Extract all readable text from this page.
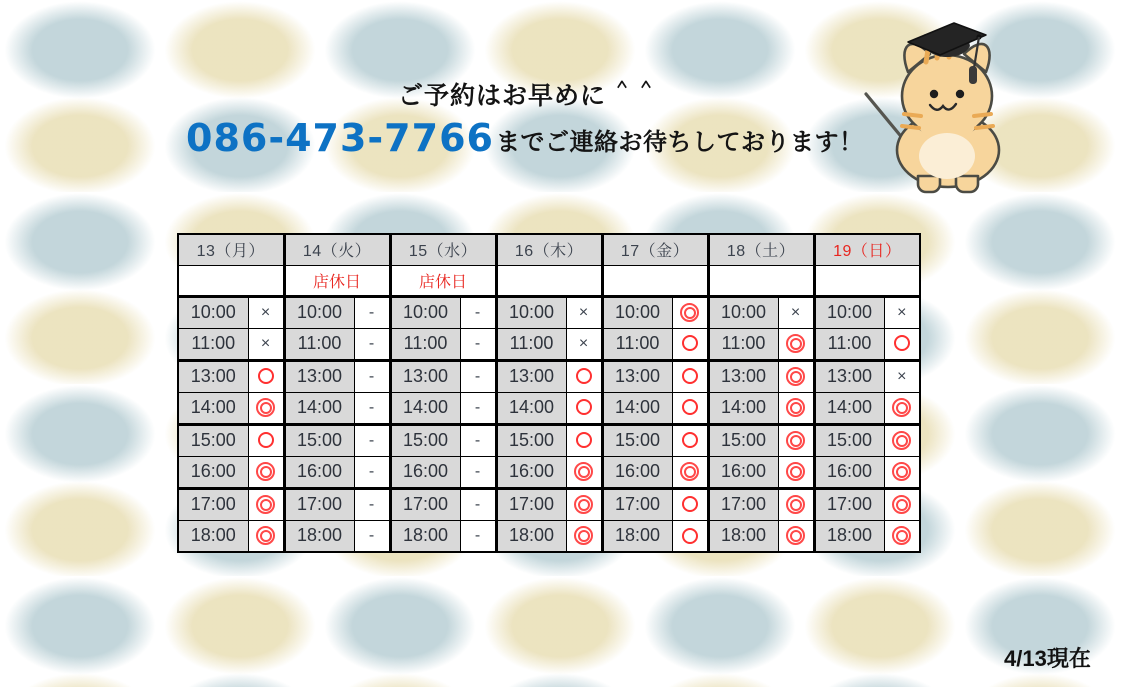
ご予約はお早めに ＾＾
086-473-7766 までご連絡お待ちしております！
13（月）		14（火）		15（水）		16（木）		17（金）		18（土）		19（日）	
		店休日		店休日									
10:00	×	10:00	-	10:00	-	10:00	×	10:00		10:00	×	10:00	×
11:00	×	11:00	-	11:00	-	11:00	×	11:00		11:00		11:00	
13:00		13:00	-	13:00	-	13:00		13:00		13:00		13:00	×
14:00		14:00	-	14:00	-	14:00		14:00		14:00		14:00	
15:00		15:00	-	15:00	-	15:00		15:00		15:00		15:00	
16:00		16:00	-	16:00	-	16:00		16:00		16:00		16:00	
17:00		17:00	-	17:00	-	17:00		17:00		17:00		17:00	
18:00		18:00	-	18:00	-	18:00		18:00		18:00		18:00	
4/13現在
